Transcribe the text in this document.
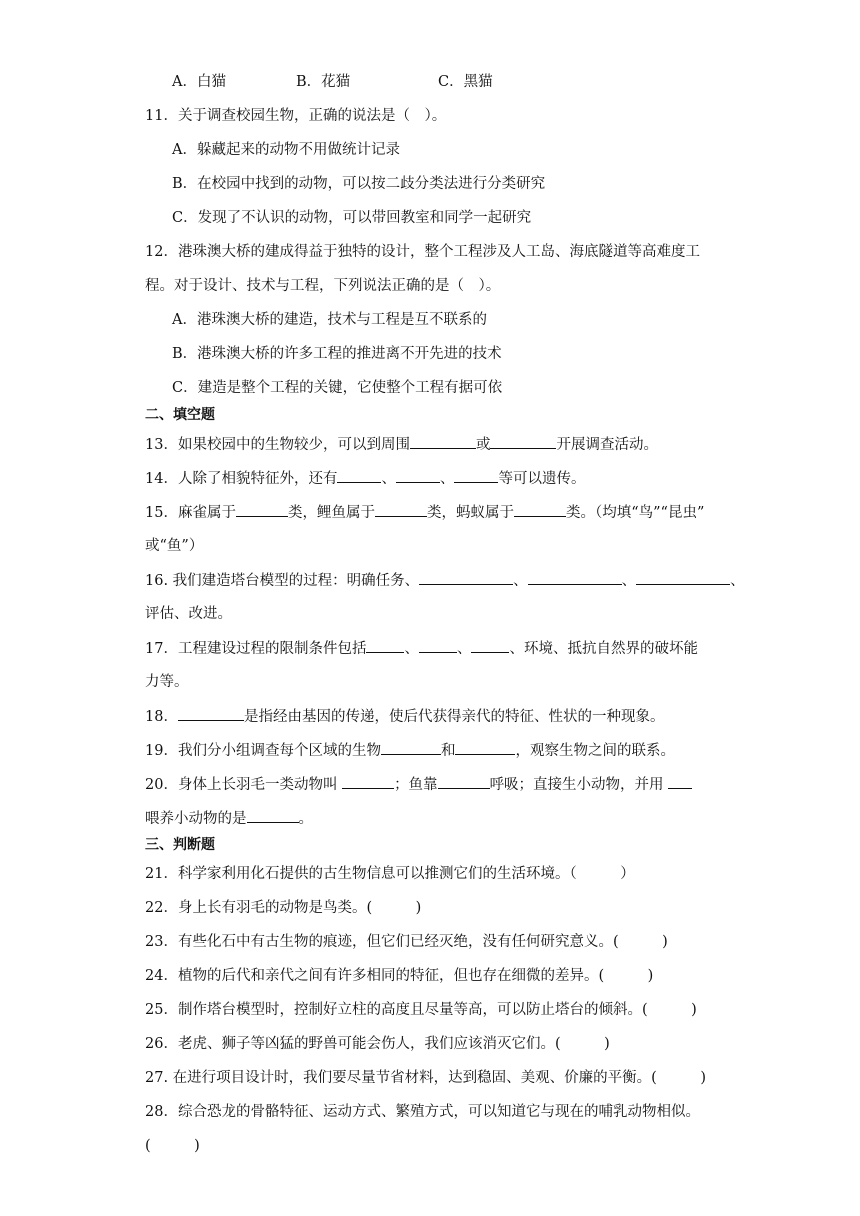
A．白猫	B．花猫	C．黑猫
11．关于调查校园生物，正确的说法是（　）。
A．躲藏起来的动物不用做统计记录
B．在校园中找到的动物，可以按二歧分类法进行分类研究
C．发现了不认识的动物，可以带回教室和同学一起研究
12．港珠澳大桥的建成得益于独特的设计，整个工程涉及人工岛、海底隧道等高难度工
程。对于设计、技术与工程，下列说法正确的是（　）。
A．港珠澳大桥的建造，技术与工程是互不联系的
B．港珠澳大桥的许多工程的推进离不开先进的技术
C．建造是整个工程的关键，它使整个工程有据可依
二、填空题
13．如果校园中的生物较少，可以到周围	或	开展调查活动。
14．人除了相貌特征外，还有	、	、	等可以遗传。
15．麻雀属于	类，鲤鱼属于	类，蚂蚁属于	类。（均填“鸟”“昆虫”
或“鱼”）
16. 我们建造塔台模型的过程：明确任务、	、	、	、
评估、改进。
17．工程建设过程的限制条件包括	、	、	、环境、抵抗自然界的破坏能
力等。
18．	是指经由基因的传递，使后代获得亲代的特征、性状的一种现象。
19．我们分小组调查每个区域的生物	和	，观察生物之间的联系。
20．身体上长羽毛一类动物叫	；鱼靠	呼吸；直接生小动物，并用
喂养小动物的是	。
三、判断题
21．科学家利用化石提供的古生物信息可以推测它们的生活环境。（　　　）
22．身上长有羽毛的动物是鸟类。(　　　)
23．有些化石中有古生物的痕迹，但它们已经灭绝，没有任何研究意义。(　　　)
24．植物的后代和亲代之间有许多相同的特征，但也存在细微的差异。(　　　)
25．制作塔台模型时，控制好立柱的高度且尽量等高，可以防止塔台的倾斜。(　　　)
26．老虎、狮子等凶猛的野兽可能会伤人，我们应该消灭它们。(　　　)
27. 在进行项目设计时，我们要尽量节省材料，达到稳固、美观、价廉的平衡。(　　　)
28．综合恐龙的骨骼特征、运动方式、繁殖方式，可以知道它与现在的哺乳动物相似。
(　　　)
